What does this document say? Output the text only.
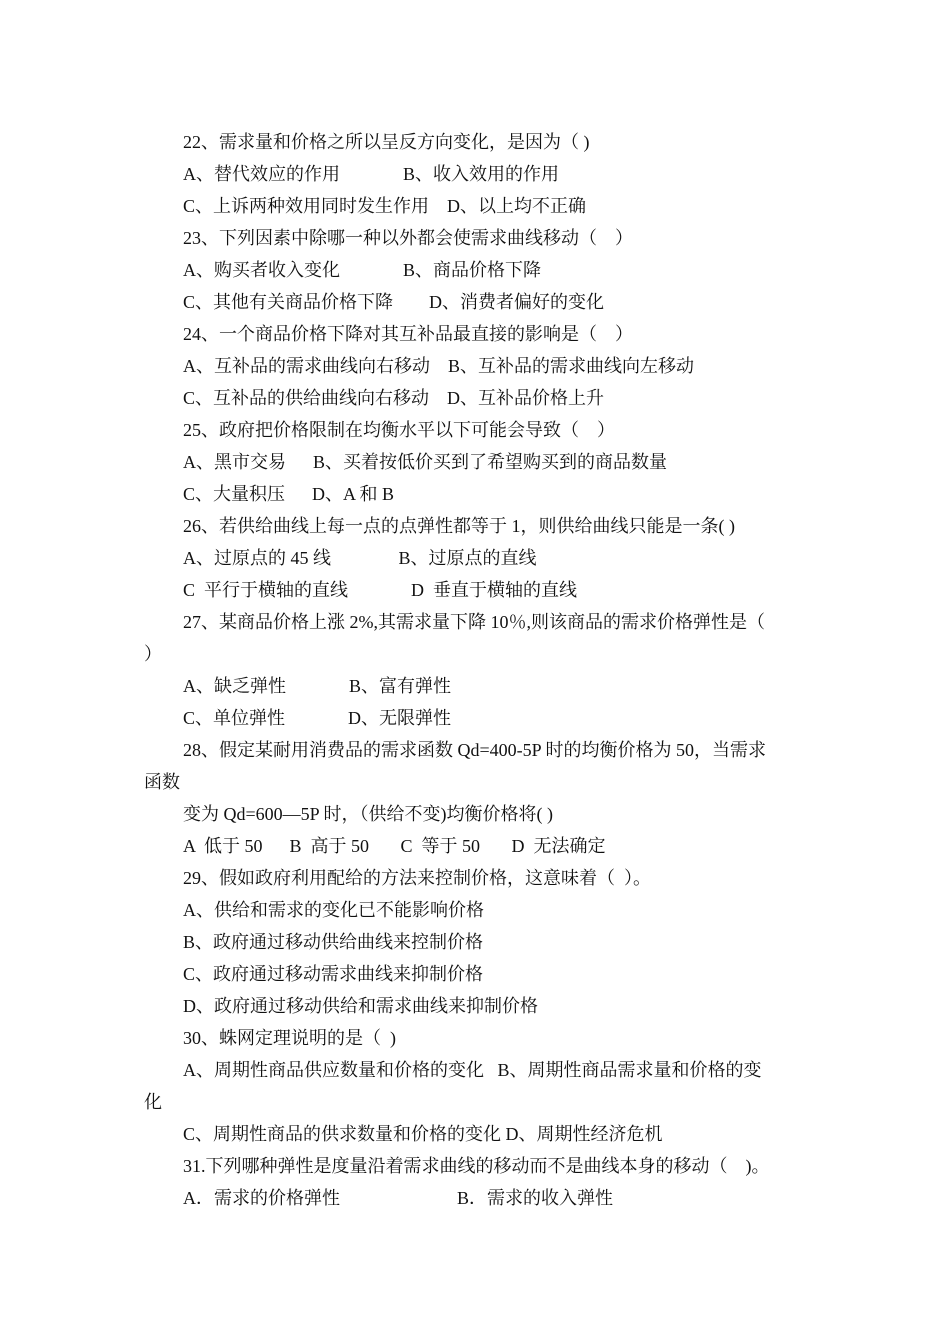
22、需求量和价格之所以呈反方向变化，是因为（ )
A、替代效应的作用              B、收入效用的作用
C、上诉两种效用同时发生作用    D、以上均不正确
23、下列因素中除哪一种以外都会使需求曲线移动（    ）
A、购买者收入变化              B、商品价格下降
C、其他有关商品价格下降        D、消费者偏好的变化
24、一个商品价格下降对其互补品最直接的影响是（    ）
A、互补品的需求曲线向右移动    B、互补品的需求曲线向左移动
C、互补品的供给曲线向右移动    D、互补品价格上升
25、政府把价格限制在均衡水平以下可能会导致（    ）
A、黑市交易      B、买着按低价买到了希望购买到的商品数量
C、大量积压      D、A 和 B
26、若供给曲线上每一点的点弹性都等于 1，则供给曲线只能是一条( )
A、过原点的 45 线               B、过原点的直线
C  平行于横轴的直线              D  垂直于横轴的直线
27、某商品价格上涨 2%,其需求量下降 10％,则该商品的需求价格弹性是（
）
A、缺乏弹性              B、富有弹性
C、单位弹性              D、无限弹性
28、假定某耐用消费品的需求函数 Qd=400-5P 时的均衡价格为 50，当需求
函数
变为 Qd=600—5P 时，（供给不变)均衡价格将( )
A  低于 50      B  高于 50       C  等于 50       D  无法确定
29、假如政府利用配给的方法来控制价格，这意味着（  ）。
A、供给和需求的变化已不能影响价格
B、政府通过移动供给曲线来控制价格
C、政府通过移动需求曲线来抑制价格
D、政府通过移动供给和需求曲线来抑制价格
30、蛛网定理说明的是（  )
A、周期性商品供应数量和价格的变化   B、周期性商品需求量和价格的变
化
C、周期性商品的供求数量和价格的变化 D、周期性经济危机
31.下列哪种弹性是度量沿着需求曲线的移动而不是曲线本身的移动（    )。
A．需求的价格弹性                          B．需求的收入弹性
